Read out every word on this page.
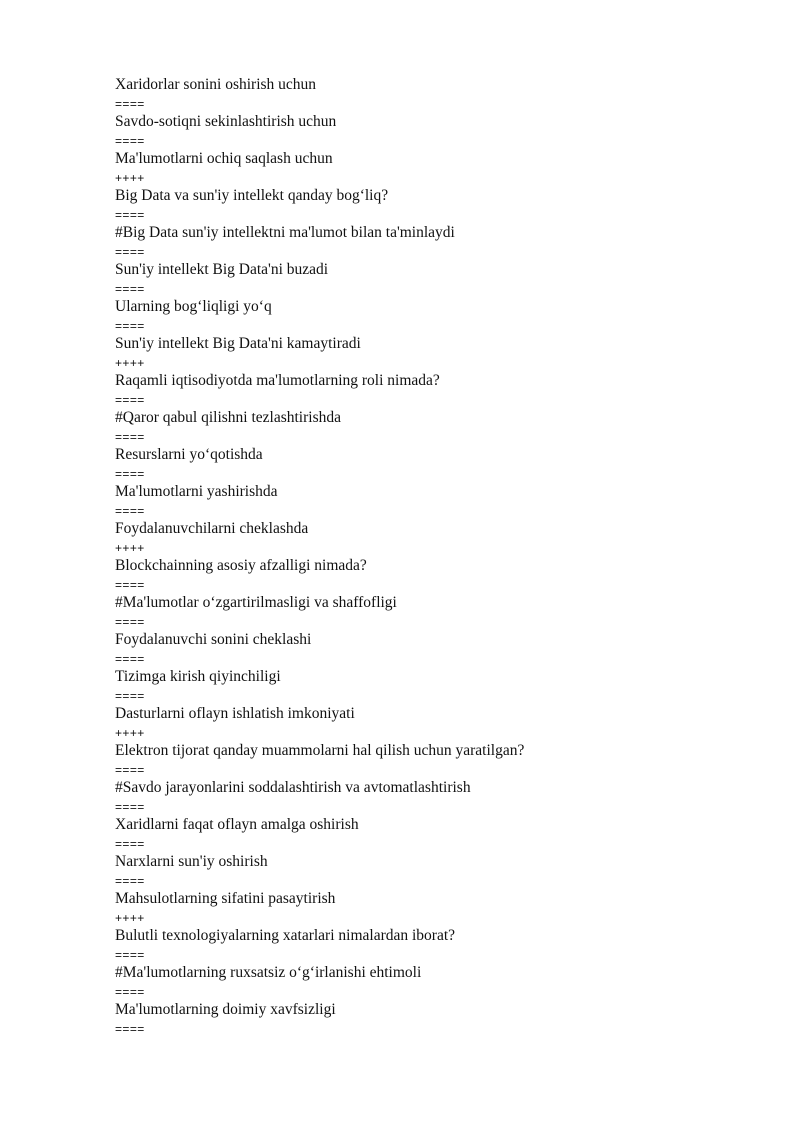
Xaridorlar sonini oshirish uchun
====
Savdo-sotiqni sekinlashtirish uchun
====
Ma'lumotlarni ochiq saqlash uchun
++++
Big Data va sun'iy intellekt qanday bog‘liq?
====
#Big Data sun'iy intellektni ma'lumot bilan ta'minlaydi
====
Sun'iy intellekt Big Data'ni buzadi
====
Ularning bog‘liqligi yo‘q
====
Sun'iy intellekt Big Data'ni kamaytiradi
++++
Raqamli iqtisodiyotda ma'lumotlarning roli nimada?
====
#Qaror qabul qilishni tezlashtirishda
====
Resurslarni yo‘qotishda
====
Ma'lumotlarni yashirishda
====
Foydalanuvchilarni cheklashda
++++
Blockchainning asosiy afzalligi nimada?
====
#Ma'lumotlar o‘zgartirilmasligi va shaffofligi
====
Foydalanuvchi sonini cheklashi
====
Tizimga kirish qiyinchiligi
====
Dasturlarni oflayn ishlatish imkoniyati
++++
Elektron tijorat qanday muammolarni hal qilish uchun yaratilgan?
====
#Savdo jarayonlarini soddalashtirish va avtomatlashtirish
====
Xaridlarni faqat oflayn amalga oshirish
====
Narxlarni sun'iy oshirish
====
Mahsulotlarning sifatini pasaytirish
++++
Bulutli texnologiyalarning xatarlari nimalardan iborat?
====
#Ma'lumotlarning ruxsatsiz o‘g‘irlanishi ehtimoli
====
Ma'lumotlarning doimiy xavfsizligi
====
